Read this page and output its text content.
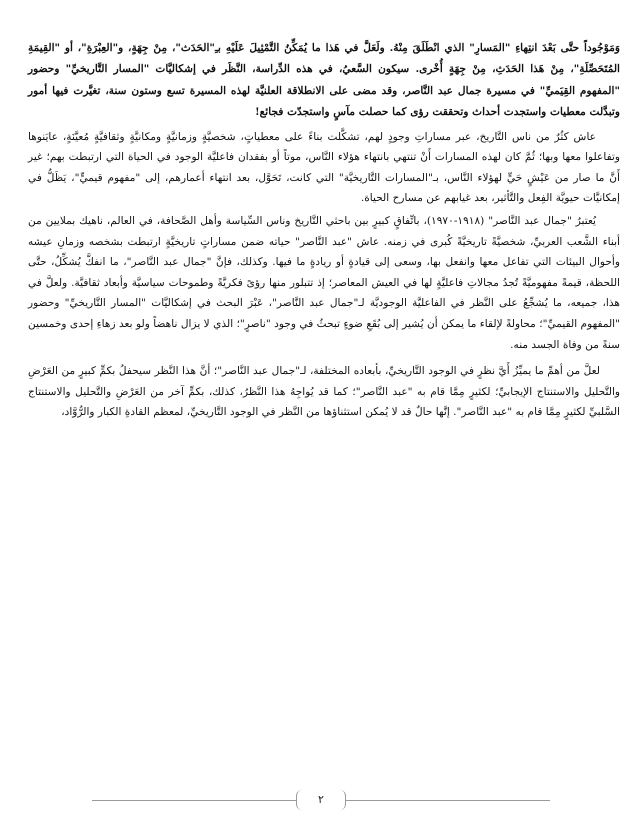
وَمَوْجُوداً حتَّى بَعْدَ انتِهاءِ "المَسارِ" الذي انْطَلَقَ مِنْهُ. ولَعَلَّ في هَذا ما يُمَكِّنُ التَّمْثِيلَ عَلَيْهِ بـِ"الحَدَث"، مِنْ جِهَةٍ، و"العِبْرَةِ"، أو "القِيمَةِ المُتَحَصِّلَةِ"، مِنْ هَذا الحَدَثِ، مِنْ جِهَةٍ أُخْرى. سيكون السَّعيُ، في هذه الدِّراسة، النَّظَر في إشكاليَّات "المسار التَّاريخيِّ" وحضور "المفهوم القِيَميِّ" في مسيرة جمال عبد النَّاصر، وقد مضى على الانطلاقة العلنيَّة لهذه المسيرة تسع وستون سنة، تغيَّرت فيها أمور وتبدَّلت معطيات واستجدت أحداث وتحققت رؤى كما حصلت مآسٍ واستجدّت فجائع!

عاش كثُرٌ من ناس التَّاريخ، عبر مساراتِ وجودٍ لهم، تشكَّلت بناءً على معطياتٍ، شخصيَّةٍ وزمانيَّةٍ ومكانيَّةٍ وثقافيَّةٍ مُعيَّنَةٍ، عايَنوها وتفاعلوا معها وبها؛ ثُمَّ كان لهذه المسارات أَنْ تنتهي بانتهاء هؤلاء النَّاس، موتاً أو بفقدان فاعليَّة الوجود في الحياة التي ارتبطت بهم؛ غير أَنَّ ما صار من عَيْشٍ حَيٍّ لهؤلاء النَّاس، بـ"المسارات التَّاريخيَّة" التي كانت، تَحَوَّل، بعد انتهاء أعمارهم، إلى "مفهوم قيميٍّ"، يَظَلُّ في إمكانيَّات حيويَّة الفِعل والتَّأثير، بعد غيابهم عن مسارح الحياة.

يُعتبرُ "جمال عبد النَّاصر" (١٩١٨-١٩٧٠)، باتِّفاقٍ كبيرٍ بين باحثي التَّاريخ وناس السِّياسة وأهل الصَّحافة، في العالم، ناهيك بملايين من أبناء الشَّعب العربيِّ، شخصيَّةً تاريخيَّةً كُبرى في زمنه. عاش "عبد النَّاصر" حياته ضمن مساراتٍ تاريخيَّةٍ ارتبطت بشخصه وزمانِ عيشه وأحوال البيئات التي تفاعل معها وانفعل بها، وسعى إلى قيادةٍ أو ريادةٍ ما فيها. وكذلك، فإنَّ "جمال عبد النَّاصر"، ما انفكَّ يُشكِّلُ، حتَّى اللحظة، قيمةً مفهوميَّةً تُجدُ مجالاتِ فاعليَّةٍ لها في العيش المعاصر؛ إذ تتبلور منها رؤىً فكريَّةً وطموحات سياسيَّة وأبعاد ثقافيَّة. ولعلَّ في هذا، جميعه، ما يُشجِّعُ على النَّظر في الفاعليَّة الوجوديَّة لـ"جمال عبد النَّاصر"، عَبْرَ البحث في إشكاليَّات "المسار التَّاريخيِّ" وحضور "المفهوم القيميِّ"؛ محاولةً لإلقاء ما يمكن أن يُشير إلى بُقَعِ ضوءٍ تبحثُ في وجود "ناصرٍ"؛ الذي لا يزال ناهضاً ولو بعد زهاءِ إحدى وخمسين سنةً من وفاة الجسد منه.

لعلَّ من أهمِّ ما يميِّزُ أَيَّ نظرٍ في الوجود التَّاريخيِّ، بأبعاده المختلفة، لـ"جمال عبد النَّاصر"؛ أنَّ هذا النَّظر سيحفلُ بكمٍّ كبيرٍ من العَرْضِ والتَّحليل والاستنتاج الإيجابيِّ؛ لكثيرٍ مِمَّا قام به "عبد النَّاصر"؛ كما قد يُواجِهُ هذا النَّظرُ، كذلك، بكمٍّ آخر من العَرْضِ والتَّحليل والاستنتاج السَّلبيِّ لكثيرٍ مِمَّا قام به "عبد النَّاصر". إنَّها حالٌ قد لا يُمكن استثناؤها من النَّظر في الوجود التَّاريخيِّ، لمعظم القادةِ الكبار والرُّوَّاد،

٢
